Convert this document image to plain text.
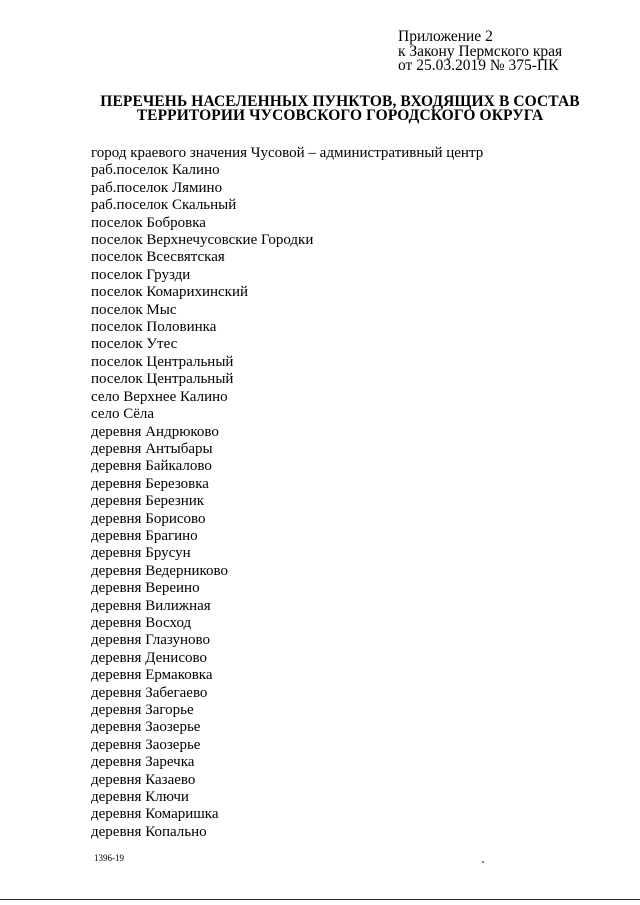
Приложение 2
к Закону Пермского края
от 25.03.2019 № 375-ПК
ПЕРЕЧЕНЬ НАСЕЛЕННЫХ ПУНКТОВ, ВХОДЯЩИХ В СОСТАВ
ТЕРРИТОРИИ ЧУСОВСКОГО ГОРОДСКОГО ОКРУГА
город краевого значения Чусовой – административный центр
раб.поселок Калино
раб.поселок Лямино
раб.поселок Скальный
поселок Бобровка
поселок Верхнечусовские Городки
поселок Всесвятская
поселок Грузди
поселок Комарихинский
поселок Мыс
поселок Половинка
поселок Утес
поселок Центральный
поселок Центральный
село Верхнее Калино
село Сёла
деревня Андрюково
деревня Антыбары
деревня Байкалово
деревня Березовка
деревня Березник
деревня Борисово
деревня Брагино
деревня Брусун
деревня Ведерниково
деревня Вереино
деревня Вилижная
деревня Восход
деревня Глазуново
деревня Денисово
деревня Ермаковка
деревня Забегаево
деревня Загорье
деревня Заозерье
деревня Заозерье
деревня Заречка
деревня Казаево
деревня Ключи
деревня Комаришка
деревня Копально
1396-19
